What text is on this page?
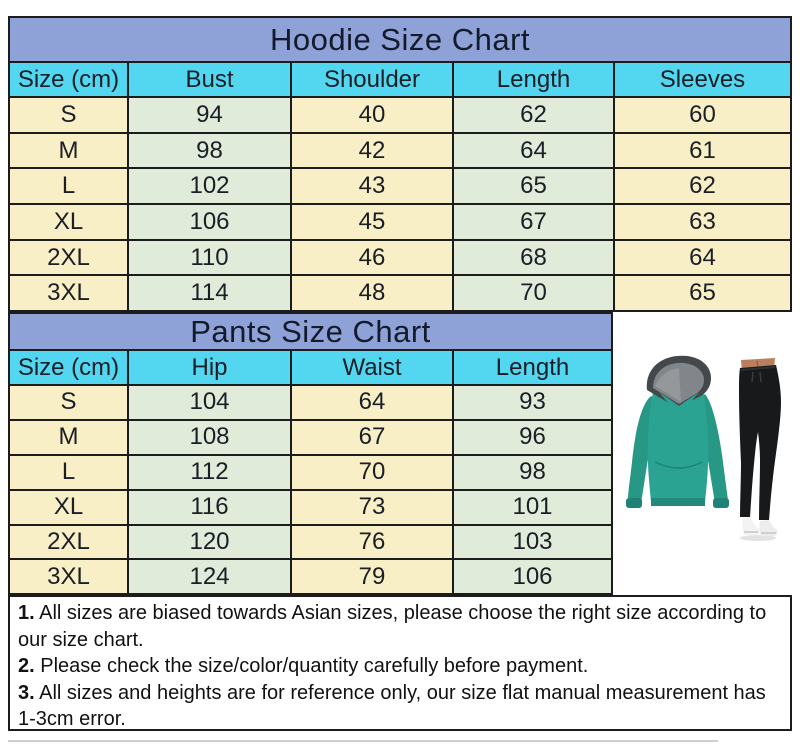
Hoodie Size Chart
Size (cm)	Bust	Shoulder	Length	Sleeves
S	94	40	62	60
M	98	42	64	61
L	102	43	65	62
XL	106	45	67	63
2XL	110	46	68	64
3XL	114	48	70	65
Pants Size Chart
Size (cm)	Hip	Waist	Length
S	104	64	93
M	108	67	96
L	112	70	98
XL	116	73	101
2XL	120	76	103
3XL	124	79	106

1. All sizes are biased towards Asian sizes, please choose the right size according to our size chart.

2. Please check the size/color/quantity carefully before payment.

3. All sizes and heights are for reference only, our size flat manual measurement has 1-3cm error.
